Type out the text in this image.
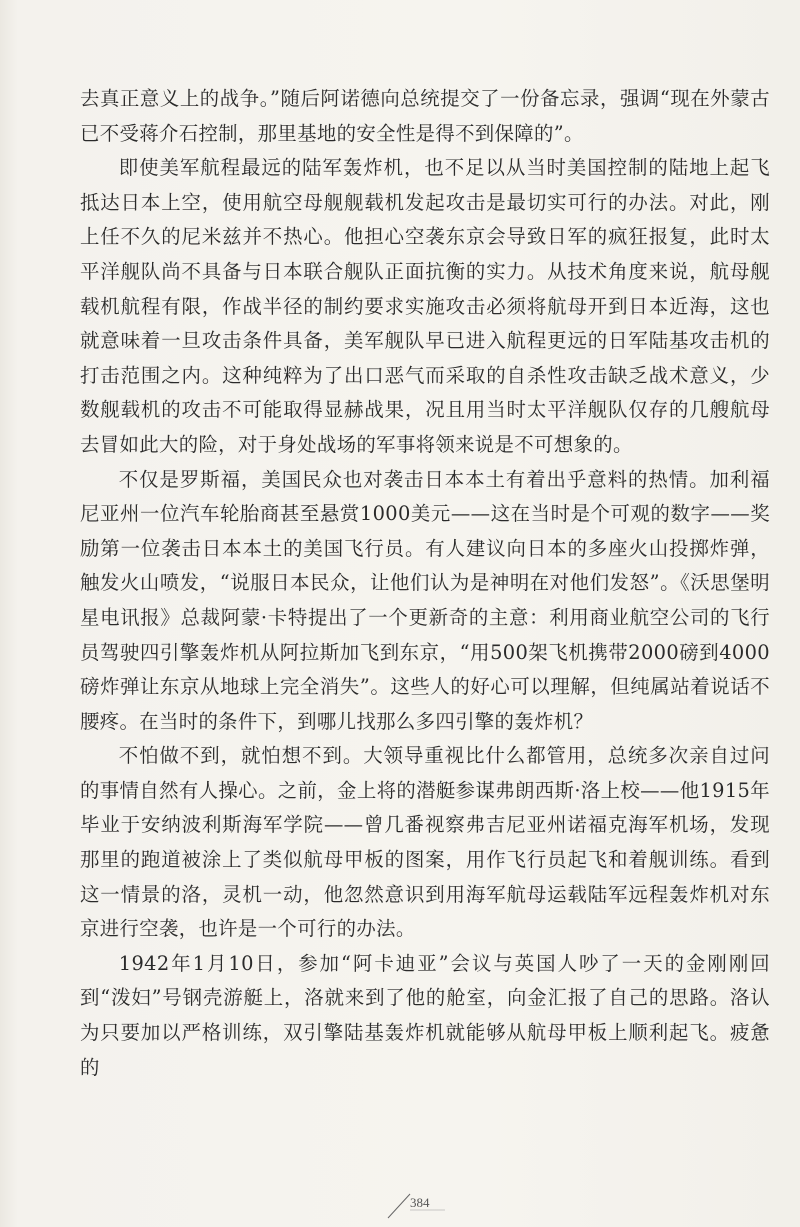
去真正意义上的战争。”随后阿诺德向总统提交了一份备忘录，强调“现在外蒙古已不受蒋介石控制，那里基地的安全性是得不到保障的”。

即使美军航程最远的陆军轰炸机，也不足以从当时美国控制的陆地上起飞抵达日本上空，使用航空母舰舰载机发起攻击是最切实可行的办法。对此，刚上任不久的尼米兹并不热心。他担心空袭东京会导致日军的疯狂报复，此时太平洋舰队尚不具备与日本联合舰队正面抗衡的实力。从技术角度来说，航母舰载机航程有限，作战半径的制约要求实施攻击必须将航母开到日本近海，这也就意味着一旦攻击条件具备，美军舰队早已进入航程更远的日军陆基攻击机的打击范围之内。这种纯粹为了出口恶气而采取的自杀性攻击缺乏战术意义，少数舰载机的攻击不可能取得显赫战果，况且用当时太平洋舰队仅存的几艘航母去冒如此大的险，对于身处战场的军事将领来说是不可想象的。

不仅是罗斯福，美国民众也对袭击日本本土有着出乎意料的热情。加利福尼亚州一位汽车轮胎商甚至悬赏1000美元——这在当时是个可观的数字——奖励第一位袭击日本本土的美国飞行员。有人建议向日本的多座火山投掷炸弹，触发火山喷发，“说服日本民众，让他们认为是神明在对他们发怒”。《沃思堡明星电讯报》总裁阿蒙·卡特提出了一个更新奇的主意：利用商业航空公司的飞行员驾驶四引擎轰炸机从阿拉斯加飞到东京，“用500架飞机携带2000磅到4000磅炸弹让东京从地球上完全消失”。这些人的好心可以理解，但纯属站着说话不腰疼。在当时的条件下，到哪儿找那么多四引擎的轰炸机？

不怕做不到，就怕想不到。大领导重视比什么都管用，总统多次亲自过问的事情自然有人操心。之前，金上将的潜艇参谋弗朗西斯·洛上校——他1915年毕业于安纳波利斯海军学院——曾几番视察弗吉尼亚州诺福克海军机场，发现那里的跑道被涂上了类似航母甲板的图案，用作飞行员起飞和着舰训练。看到这一情景的洛，灵机一动，他忽然意识到用海军航母运载陆军远程轰炸机对东京进行空袭，也许是一个可行的办法。

1942年1月10日，参加“阿卡迪亚”会议与英国人吵了一天的金刚刚回到“泼妇”号钢壳游艇上，洛就来到了他的舱室，向金汇报了自己的思路。洛认为只要加以严格训练，双引擎陆基轰炸机就能够从航母甲板上顺利起飞。疲惫的

384
